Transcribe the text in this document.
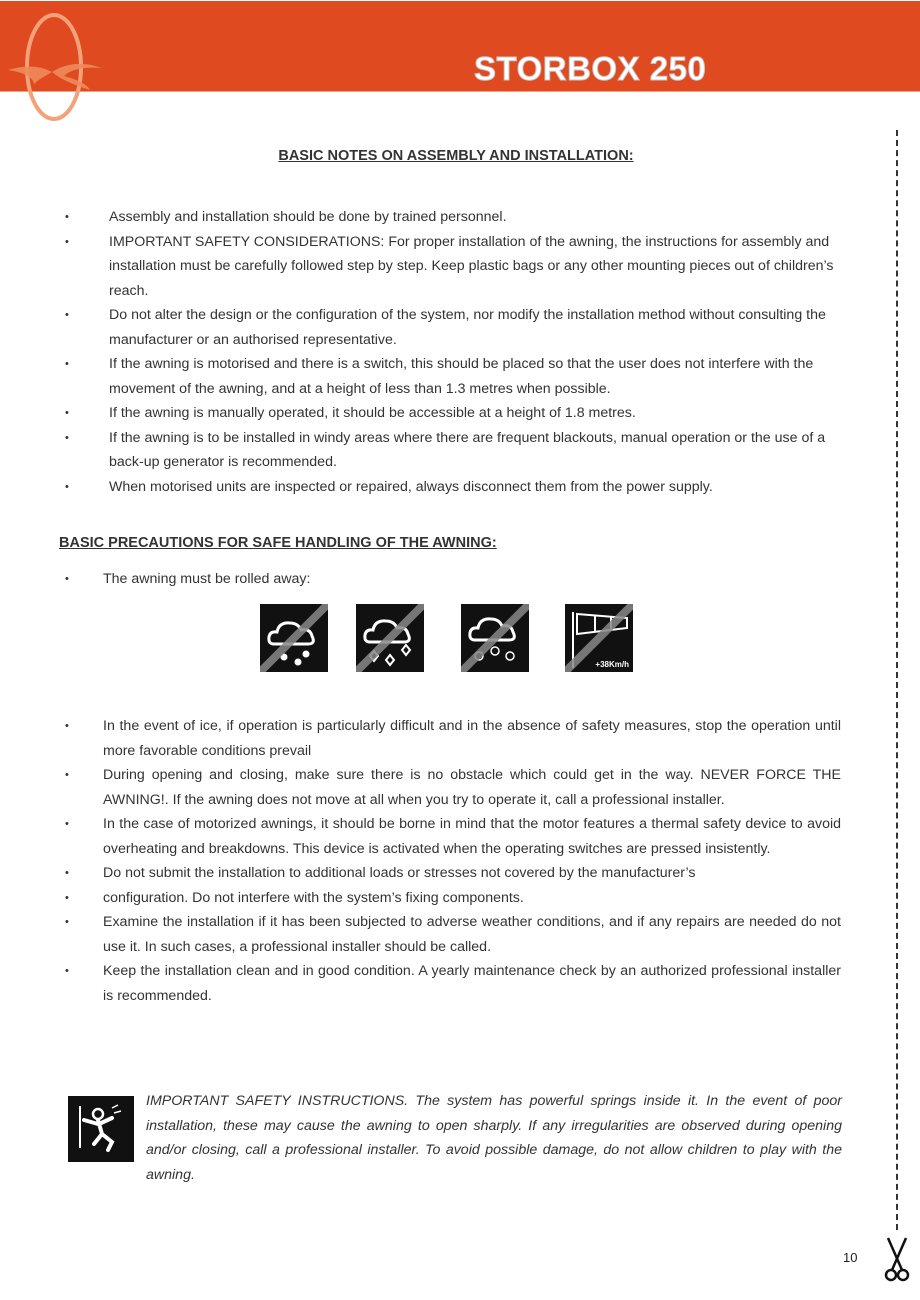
STORBOX 250
BASIC NOTES ON ASSEMBLY AND INSTALLATION:
• Assembly and installation should be done by trained personnel.
• IMPORTANT SAFETY CONSIDERATIONS: For proper installation of the awning, the instructions for assembly and installation must be carefully followed step by step. Keep plastic bags or any other mounting pieces out of children’s reach.
• Do not alter the design or the configuration of the system, nor modify the installation method without consulting the manufacturer or an authorised representative.
• If the awning is motorised and there is a switch, this should be placed so that the user does not interfere with the movement of the awning, and at a height of less than 1.3 metres when possible.
• If the awning is manually operated, it should be accessible at a height of 1.8 metres.
• If the awning is to be installed in windy areas where there are frequent blackouts, manual operation or the use of a back-up generator is recommended.
• When motorised units are inspected or repaired, always disconnect them from the power supply.
BASIC PRECAUTIONS FOR SAFE HANDLING OF THE AWNING:
• The awning must be rolled away:
+38Km/h
• In the event of ice, if operation is particularly difficult and in the absence of safety measures, stop the operation until more favorable conditions prevail
• During opening and closing, make sure there is no obstacle which could get in the way. NEVER FORCE THE AWNING!. If the awning does not move at all when you try to operate it, call a professional installer.
• In the case of motorized awnings, it should be borne in mind that the motor features a thermal safety device to avoid overheating and breakdowns. This device is activated when the operating switches are pressed insistently.
• Do not submit the installation to additional loads or stresses not covered by the manufacturer’s
• configuration. Do not interfere with the system’s fixing components.
• Examine the installation if it has been subjected to adverse weather conditions, and if any repairs are needed do not use it. In such cases, a professional installer should be called.
• Keep the installation clean and in good condition. A yearly maintenance check by an authorized professional installer is recommended.
IMPORTANT SAFETY INSTRUCTIONS. The system has powerful springs inside it. In the event of poor installation, these may cause the awning to open sharply. If any irregularities are observed during opening and/or closing, call a professional installer. To avoid possible damage, do not allow children to play with the awning.
10
